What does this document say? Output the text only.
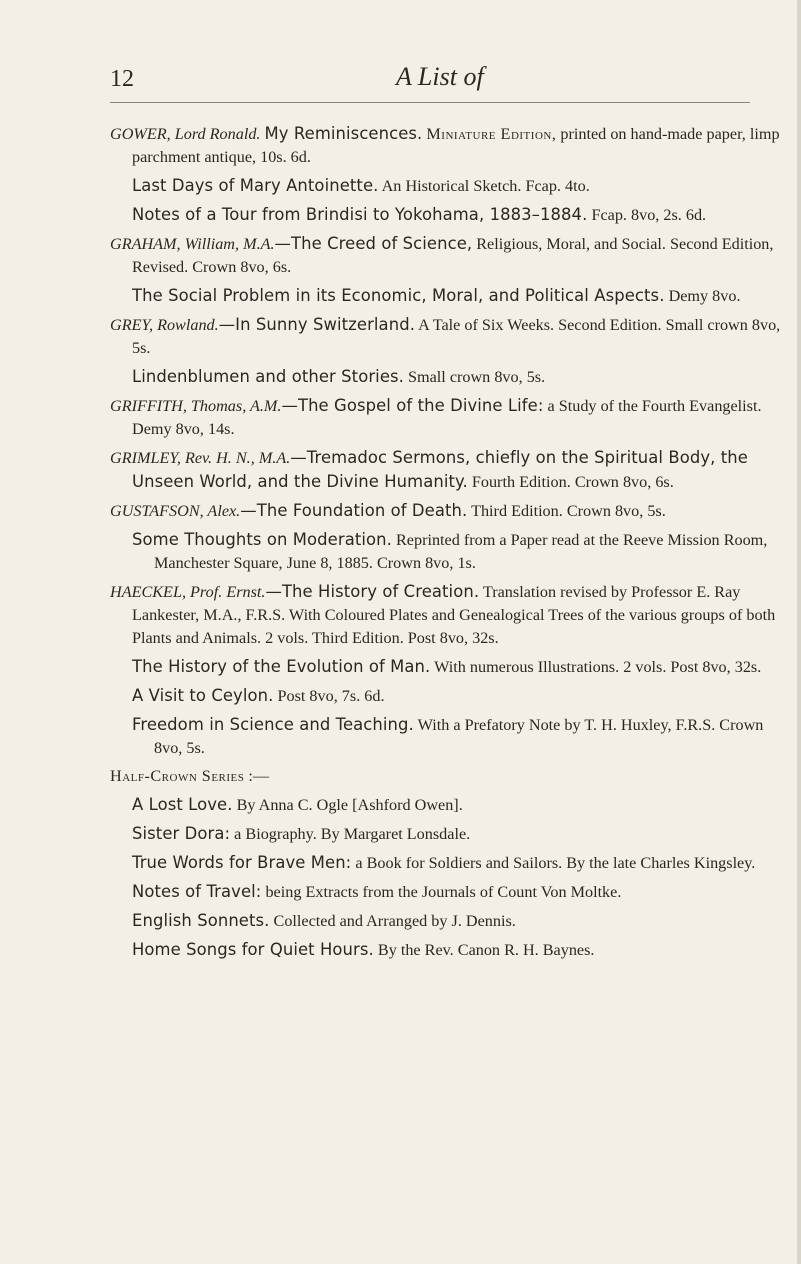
12	A List of
GOWER, Lord Ronald. My Reminiscences. Miniature Edition, printed on hand-made paper, limp parchment antique, 10s. 6d.
Last Days of Mary Antoinette. An Historical Sketch. Fcap. 4to.
Notes of a Tour from Brindisi to Yokohama, 1883–1884. Fcap. 8vo, 2s. 6d.
GRAHAM, William, M.A.—The Creed of Science, Religious, Moral, and Social. Second Edition, Revised. Crown 8vo, 6s.
The Social Problem in its Economic, Moral, and Political Aspects. Demy 8vo.
GREY, Rowland.—In Sunny Switzerland. A Tale of Six Weeks. Second Edition. Small crown 8vo, 5s.
Lindenblumen and other Stories. Small crown 8vo, 5s.
GRIFFITH, Thomas, A.M.—The Gospel of the Divine Life: a Study of the Fourth Evangelist. Demy 8vo, 14s.
GRIMLEY, Rev. H. N., M.A.—Tremadoc Sermons, chiefly on the Spiritual Body, the Unseen World, and the Divine Humanity. Fourth Edition. Crown 8vo, 6s.
GUSTAFSON, Alex.—The Foundation of Death. Third Edition. Crown 8vo, 5s.
Some Thoughts on Moderation. Reprinted from a Paper read at the Reeve Mission Room, Manchester Square, June 8, 1885. Crown 8vo, 1s.
HAECKEL, Prof. Ernst.—The History of Creation. Translation revised by Professor E. Ray Lankester, M.A., F.R.S. With Coloured Plates and Genealogical Trees of the various groups of both Plants and Animals. 2 vols. Third Edition. Post 8vo, 32s.
The History of the Evolution of Man. With numerous Illustrations. 2 vols. Post 8vo, 32s.
A Visit to Ceylon. Post 8vo, 7s. 6d.
Freedom in Science and Teaching. With a Prefatory Note by T. H. Huxley, F.R.S. Crown 8vo, 5s.
Half-Crown Series :—
A Lost Love. By Anna C. Ogle [Ashford Owen].
Sister Dora: a Biography. By Margaret Lonsdale.
True Words for Brave Men: a Book for Soldiers and Sailors. By the late Charles Kingsley.
Notes of Travel: being Extracts from the Journals of Count Von Moltke.
English Sonnets. Collected and Arranged by J. Dennis.
Home Songs for Quiet Hours. By the Rev. Canon R. H. Baynes.
